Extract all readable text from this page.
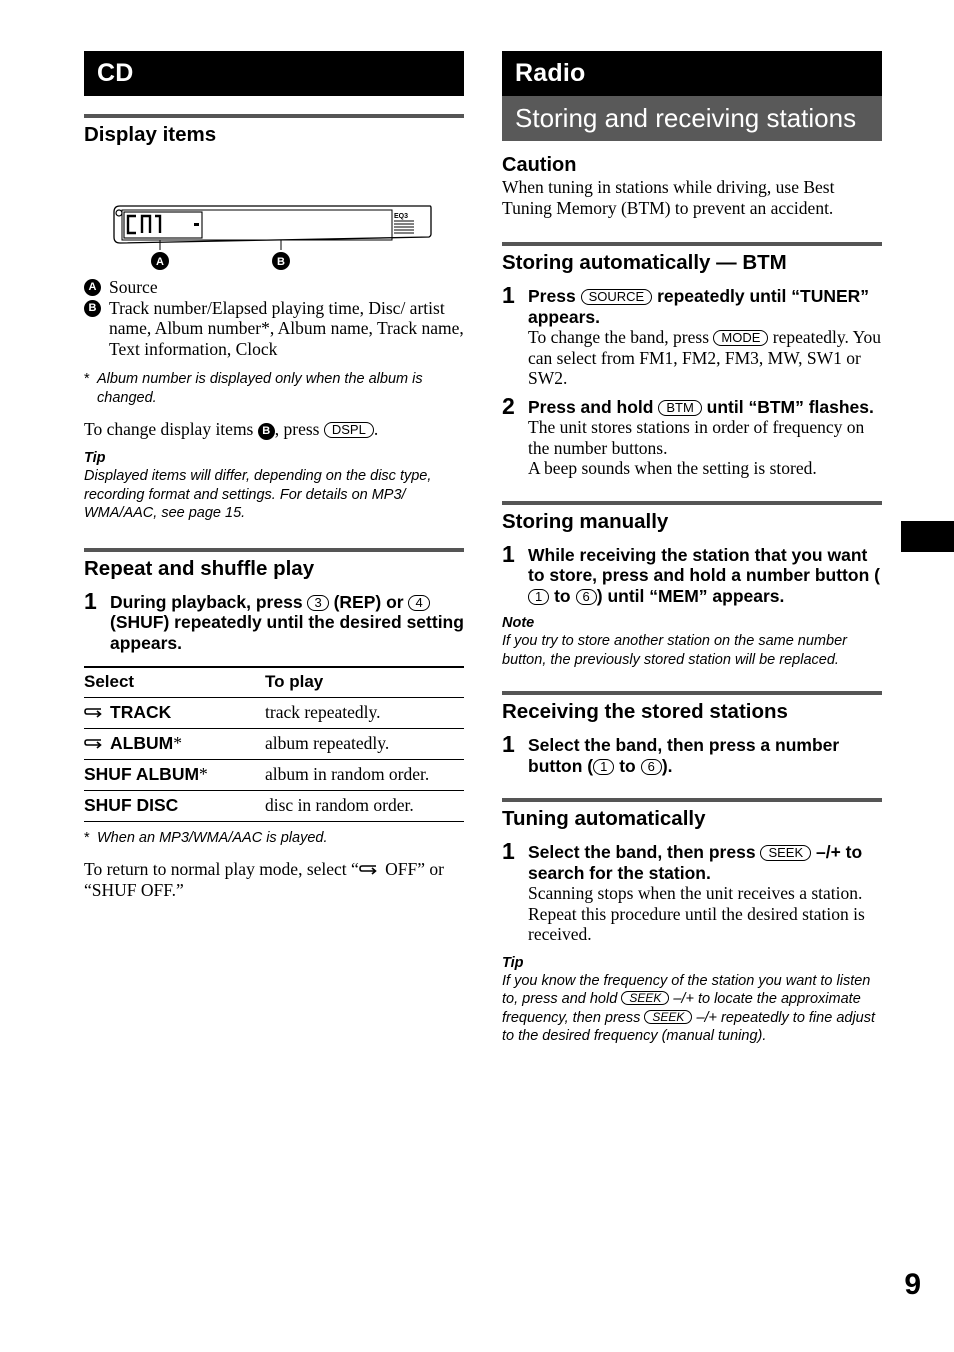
CD
Display items
EQ3
A	B
A Source
B Track number/Elapsed playing time, Disc/ artist name, Album number*, Album name, Track name, Text information, Clock
* Album number is displayed only when the album is changed.
To change display items B , press DSPL .
Tip
Displayed items will differ, depending on the disc type, recording format and settings. For details on MP3/ WMA/AAC, see page 15.
Repeat and shuffle play
1 During playback, press 3 (REP) or 4 (SHUF) repeatedly until the desired setting appears.
Select	To play
TRACK	track repeatedly.
ALBUM*	album repeatedly.
SHUF ALBUM*	album in random order.
SHUF DISC	disc in random order.
* When an MP3/WMA/AAC is played.
To return to normal play mode, select “ OFF” or “SHUF OFF.”
Radio
Storing and receiving stations
Caution
When tuning in stations while driving, use Best Tuning Memory (BTM) to prevent an accident.
Storing automatically — BTM
1 Press SOURCE repeatedly until “TUNER” appears.
To change the band, press MODE repeatedly. You can select from FM1, FM2, FM3, MW, SW1 or SW2.
2 Press and hold BTM until “BTM” flashes.
The unit stores stations in order of frequency on the number buttons.
A beep sounds when the setting is stored.
Storing manually
1 While receiving the station that you want to store, press and hold a number button (1 to 6 ) until “MEM” appears.
Note
If you try to store another station on the same number button, the previously stored station will be replaced.
Receiving the stored stations
1 Select the band, then press a number button ( 1 to 6 ).
Tuning automatically
1 Select the band, then press SEEK –/+ to search for the station.
Scanning stops when the unit receives a station. Repeat this procedure until the desired station is received.
Tip
If you know the frequency of the station you want to listen to, press and hold SEEK –/+ to locate the approximate frequency, then press SEEK –/+ repeatedly to fine adjust to the desired frequency (manual tuning).
9
